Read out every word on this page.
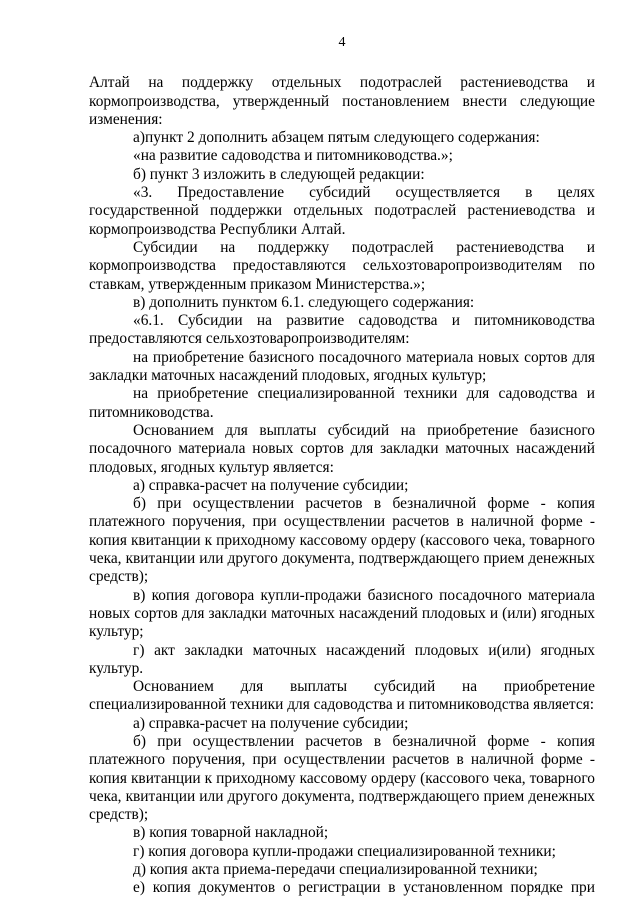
4

Алтай на поддержку отдельных подотраслей растениеводства и кормопроизводства, утвержденный постановлением внести следующие изменения:

а)пункт 2 дополнить абзацем пятым следующего содержания:

«на развитие садоводства и питомниководства.»;

б) пункт 3 изложить в следующей редакции:

«3. Предоставление субсидий осуществляется в целях государственной поддержки отдельных подотраслей растениеводства и кормопроизводства Республики Алтай.

Субсидии на поддержку подотраслей растениеводства и кормопроизводства предоставляются сельхозтоваропроизводителям по ставкам, утвержденным приказом Министерства.»;

в) дополнить пунктом 6.1. следующего содержания:

«6.1. Субсидии на развитие садоводства и питомниководства предоставляются сельхозтоваропроизводителям:

на приобретение базисного посадочного материала новых сортов для закладки маточных насаждений плодовых, ягодных культур;

на приобретение специализированной техники для садоводства и питомниководства.

Основанием для выплаты субсидий на приобретение базисного посадочного материала новых сортов для закладки маточных насаждений плодовых, ягодных культур является:

а) справка-расчет на получение субсидии;

б) при осуществлении расчетов в безналичной форме - копия платежного поручения, при осуществлении расчетов в наличной форме - копия квитанции к приходному кассовому ордеру (кассового чека, товарного чека, квитанции или другого документа, подтверждающего прием денежных средств);

в) копия договора купли-продажи базисного посадочного материала новых сортов для закладки маточных насаждений плодовых и (или) ягодных культур;

г) акт закладки маточных насаждений плодовых и(или) ягодных культур.

Основанием для выплаты субсидий на приобретение специализированной техники для садоводства и питомниководства является:

а) справка-расчет на получение субсидии;

б) при осуществлении расчетов в безналичной форме - копия платежного поручения, при осуществлении расчетов в наличной форме - копия квитанции к приходному кассовому ордеру (кассового чека, товарного чека, квитанции или другого документа, подтверждающего прием денежных средств);

в) копия товарной накладной;

г) копия договора купли-продажи специализированной техники;

д) копия акта приема-передачи специализированной техники;

е) копия документов о регистрации в установленном порядке при
